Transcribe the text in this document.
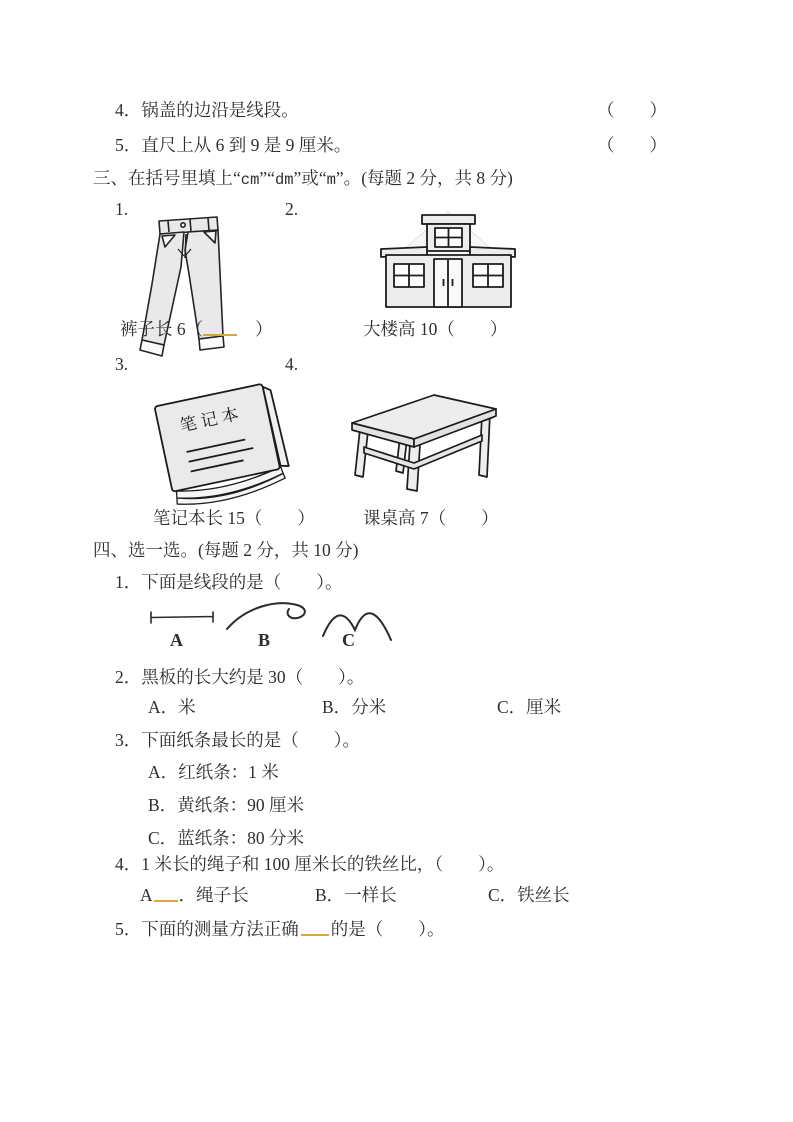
4．锅盖的边沿是线段。	（　　）
5．直尺上从 6 到 9 是 9 厘米。	（　　）
三、在括号里填上“cm”“dm”或“m”。(每题 2 分，共 8 分)
1.	2.
裤子长 6（	）	大楼高 10（　　）
3.	4.
笔 记 本
笔记本长 15（　　）	课桌高 7（　　）
四、选一选。(每题 2 分，共 10 分)
1．下面是线段的是（　　）。
A	B	C
2．黑板的长大约是 30（　　）。
A．米	B．分米	C．厘米
3．下面纸条最长的是（　　）。
A．红纸条：1 米
B．黄纸条：90 厘米
C．蓝纸条：80 分米
4．1 米长的绳子和 100 厘米长的铁丝比，（　　）。
A ．绳子长	B．一样长	C．铁丝长
5．下面的测量方法正确 的是（　　）。
